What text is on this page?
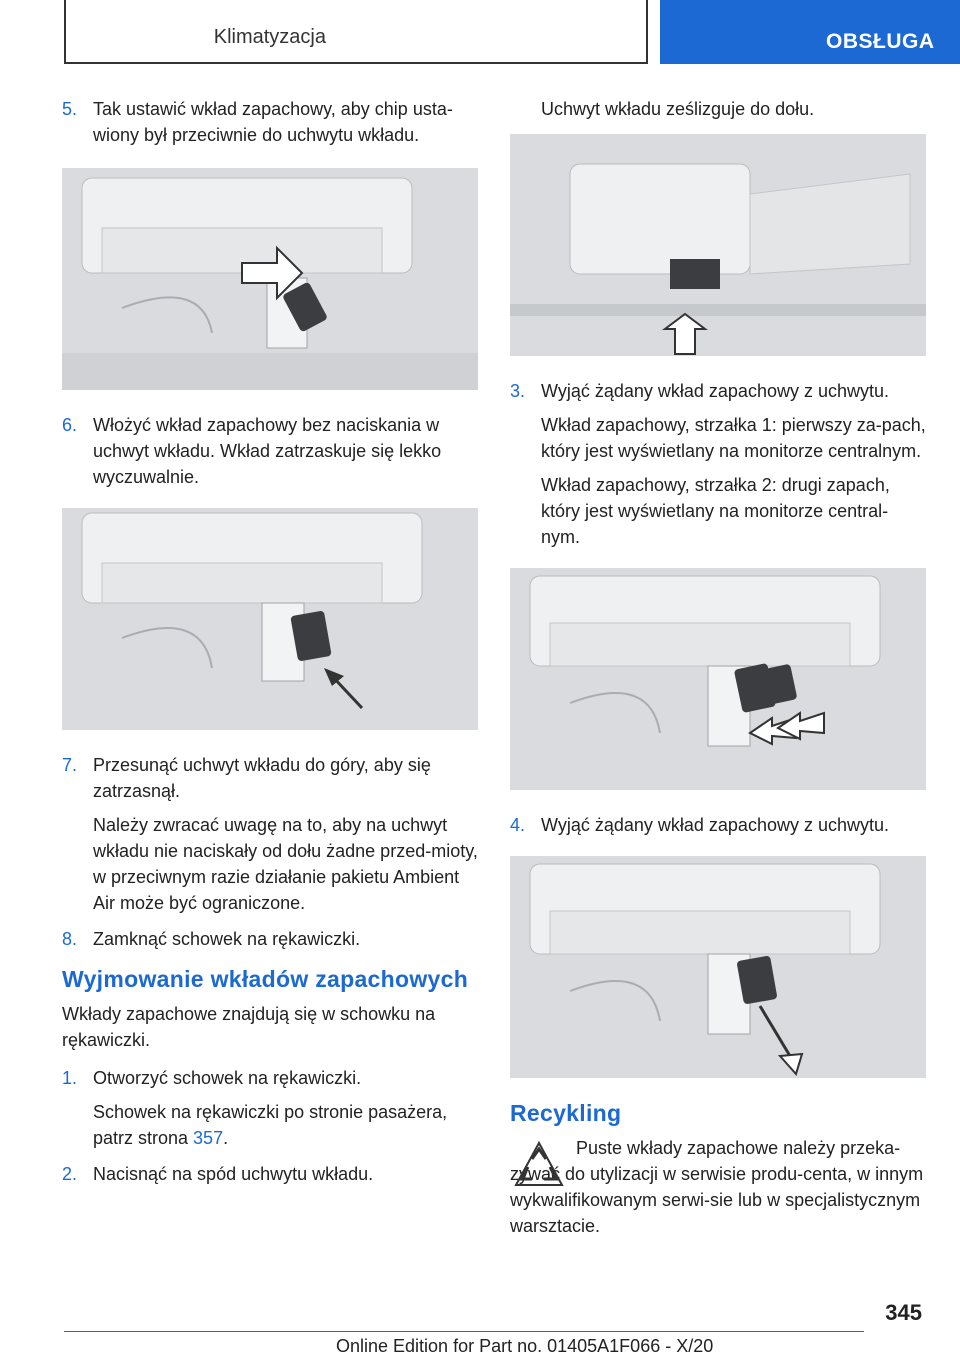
Klimatyzacja	OBSŁUGA
5. Tak ustawić wkład zapachowy, aby chip usta-wiony był przeciwnie do uchwytu wkładu.

6. Włożyć wkład zapachowy bez naciskania w uchwyt wkładu. Wkład zatrzaskuje się lekko wyczuwalnie.

7. Przesunąć uchwyt wkładu do góry, aby się zatrzasnął.

Należy zwracać uwagę na to, aby na uchwyt wkładu nie naciskały od dołu żadne przed-mioty, w przeciwnym razie działanie pakietu Ambient Air może być ograniczone.

8. Zamknąć schowek na rękawiczki.

Wyjmowanie wkładów zapachowych

Wkłady zapachowe znajdują się w schowku na rękawiczki.

1. Otworzyć schowek na rękawiczki.

Schowek na rękawiczki po stronie pasażera, patrz strona 357.

2. Nacisnąć na spód uchwytu wkładu.

Uchwyt wkładu ześlizguje do dołu.

3. Wyjąć żądany wkład zapachowy z uchwytu.

Wkład zapachowy, strzałka 1: pierwszy za-pach, który jest wyświetlany na monitorze centralnym.

Wkład zapachowy, strzałka 2: drugi zapach, który jest wyświetlany na monitorze central-nym.

4. Wyjąć żądany wkład zapachowy z uchwytu.

Recykling
Puste wkłady zapachowe należy przeka-zywać do utylizacji w serwisie produ-centa, w innym wykwalifikowanym serwi-sie lub w specjalistycznym warsztacie.
345
Online Edition for Part no. 01405A1F066 - X/20
